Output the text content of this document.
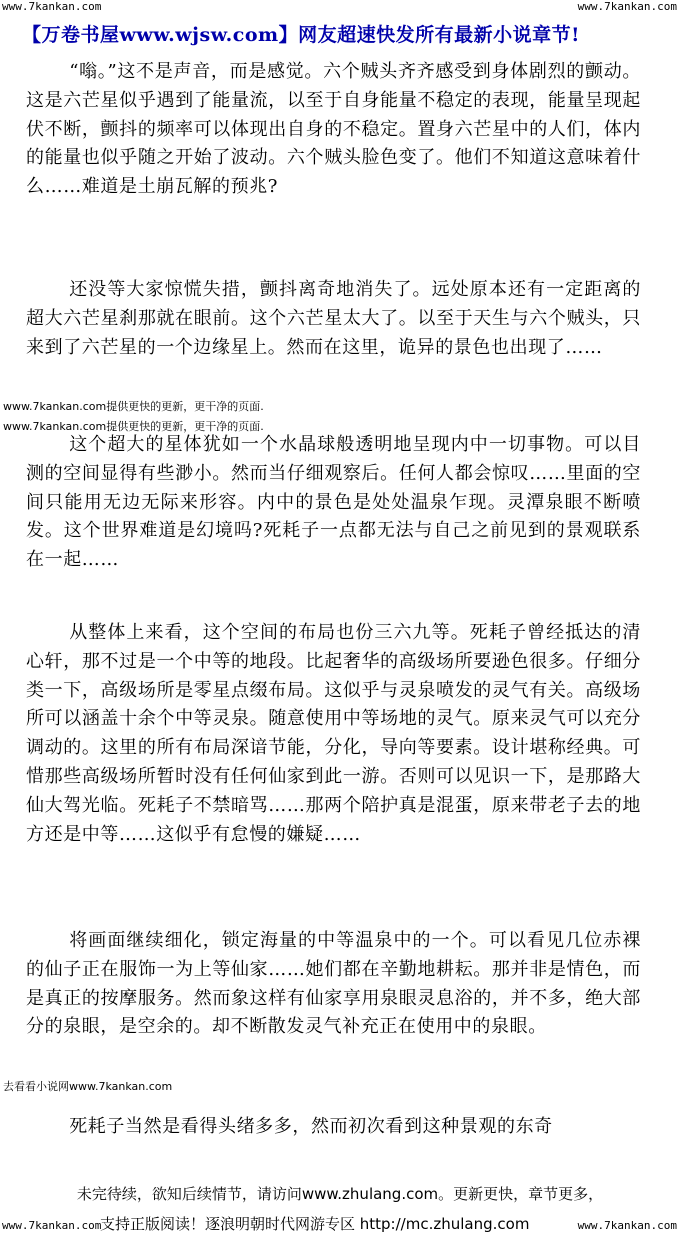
www.7kankan.com	www.7kankan.com
【万卷书屋www.wjsw.com】网友超速快发所有最新小说章节!

“嗡。”这不是声音，而是感觉。六个贼头齐齐感受到身体剧烈的颤动。这是六芒星似乎遇到了能量流，以至于自身能量不稳定的表现，能量呈现起伏不断，颤抖的频率可以体现出自身的不稳定。置身六芒星中的人们，体内的能量也似乎随之开始了波动。六个贼头脸色变了。他们不知道这意味着什么……难道是土崩瓦解的预兆?

还没等大家惊慌失措，颤抖离奇地消失了。远处原本还有一定距离的超大六芒星刹那就在眼前。这个六芒星太大了。以至于天生与六个贼头，只来到了六芒星的一个边缘星上。然而在这里，诡异的景色也出现了……

www.7kankan.com提供更快的更新，更干净的页面.
www.7kankan.com提供更快的更新，更干净的页面.

这个超大的星体犹如一个水晶球般透明地呈现内中一切事物。可以目测的空间显得有些渺小。然而当仔细观察后。任何人都会惊叹……里面的空间只能用无边无际来形容。内中的景色是处处温泉乍现。灵潭泉眼不断喷发。这个世界难道是幻境吗?死耗子一点都无法与自己之前见到的景观联系在一起……

从整体上来看，这个空间的布局也份三六九等。死耗子曾经抵达的清心轩，那不过是一个中等的地段。比起奢华的高级场所要逊色很多。仔细分类一下，高级场所是零星点缀布局。这似乎与灵泉喷发的灵气有关。高级场所可以涵盖十余个中等灵泉。随意使用中等场地的灵气。原来灵气可以充分调动的。这里的所有布局深谙节能，分化，导向等要素。设计堪称经典。可惜那些高级场所暂时没有任何仙家到此一游。否则可以见识一下，是那路大仙大驾光临。死耗子不禁暗骂……那两个陪护真是混蛋，原来带老子去的地方还是中等……这似乎有怠慢的嫌疑……

将画面继续细化，锁定海量的中等温泉中的一个。可以看见几位赤裸的仙子正在服饰一为上等仙家……她们都在辛勤地耕耘。那并非是情色，而是真正的按摩服务。然而象这样有仙家享用泉眼灵息浴的，并不多，绝大部分的泉眼，是空余的。却不断散发灵气补充正在使用中的泉眼。

去看看小说网www.7kankan.com

死耗子当然是看得头绪多多，然而初次看到这种景观的东奇

未完待续，欲知后续情节，请访问www.zhulang.com。更新更快，章节更多，
www.7kankan.com
支持正版阅读！逐浪明朝时代网游专区 http://mc.zhulang.com	www.7kankan.com
